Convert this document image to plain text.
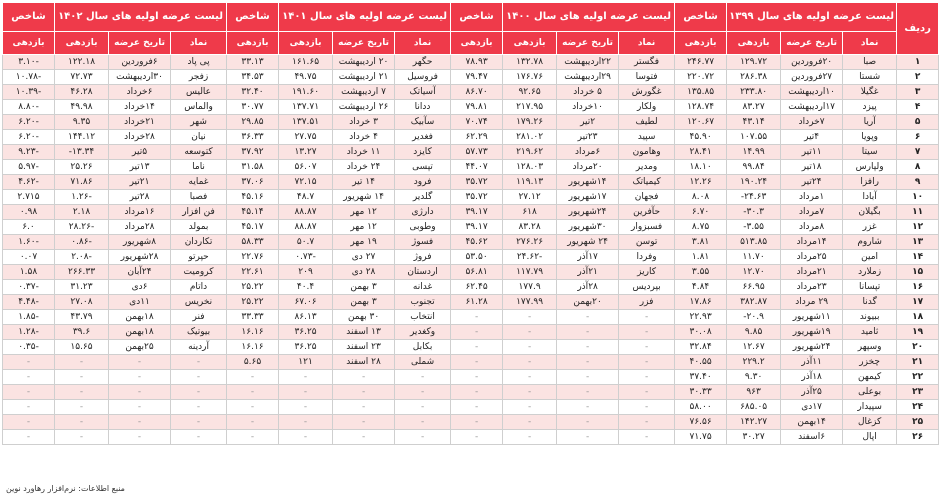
ردیف	لیست عرضه اولیه های سال ۱۳۹۹			شاخص	لیست عرضه اولیه های سال ۱۴۰۰			شاخص	لیست عرضه اولیه های سال ۱۴۰۱			شاخص	لیست عرضه اولیه های سال ۱۴۰۲			شاخص
	نماد	تاریخ عرضه	بازدهی	بازدهی	نماد	تاریخ عرضه	بازدهی	بازدهی	نماد	تاریخ عرضه	بازدهی	بازدهی	نماد	تاریخ عرضه	بازدهی	بازدهی
۱	صبا	۲۰فروردین	۱۲۹.۷۲	۲۴۶.۷۷	فگستر	۲۲اردیبهشت	۱۳۲.۷۸	۷۸.۹۳	حگهر	۲۰ اردیبهشت	۱۶۱.۶۵	۳۳.۱۳	پی پاد	۶فروردین	۱۲۲.۱۸	-۳.۱۰
۲	شستا	۲۷فروردین	۲۸۶.۳۸	۲۲۰.۷۲	فتوسا	۲۹اردیبهشت	۱۷۶.۷۶	۷۹.۴۷	فروسیل	۲۱ اردیبهشت	۴۹.۷۵	۳۴.۵۳	زفجر	۳۰اردیبهشت	۷۲.۷۳	-۱۰.۷۸
۳	غگیلا	۱۰اردیبهشت	۲۳۳.۸۰	۱۳۵.۸۵	غگورش	۵ خرداد	۹۲.۶۵	۸۶.۷۰	آسیاتک	۷ اردیبهشت	۱۹۱.۶۰	۳۲.۴۰	عالیس	۶خرداد	۴۶.۲۸	-۱۰.۳۹
۴	پیزد	۱۷اردیبهشت	۸۳.۲۷	۱۲۸.۷۴	ولکار	۱۰خرداد	۲۱۷.۹۵	۷۹.۸۱	ددانا	۲۶ اردیبهشت	۱۳۷.۷۱	۳۰.۷۷	والماس	۱۴خرداد	۴۹.۹۸	-۸.۸۰
۵	آریا	۷خرداد	۴۳.۱۴	۱۲۰.۶۷	لطیف	۲تیر	۱۷۹.۲۶	۷۰.۷۴	سآبیک	۳ خرداد	۱۳۷.۵۱	۲۹.۸۵	شهر	۲۱خرداد	۹.۳۵	-۶.۲۰
۶	وپویا	۴تیر	۱۰۷.۵۵	۴۵.۹۰	سپید	۲۳تیر	۲۸۱.۰۲	۶۲.۲۹	فغدیر	۴ خرداد	۲۷.۷۵	۳۶.۳۳	نیان	۲۸خرداد	۱۴۴.۱۲	-۶.۲۰
۷	سیتا	۱۱تیر	۱۴.۹۹	۲۸.۴۱	وهامون	۶مرداد	۲۱۹.۶۲	۵۷.۷۳	کایزد	۱۱ خرداد	۱۳.۲۷	۳۷.۹۲	کتوسعه	۵تیر	۱۳.۳۴-	-۹.۲۳
۸	ولپارس	۱۸تیر	۹۹.۸۴	۱۸.۱۰	ومدیر	۲۰مرداد	۱۲۸.۰۳	۴۴.۰۷	تپسی	۲۴ خرداد	۵۶.۰۷	۳۱.۵۸	ناما	۱۳تیر	۲۵.۲۶	-۵.۹۷
۹	رافزا	۲۴تیر	۱۹۰.۲۴	۱۲.۲۶	کیمیاتک	۱۴شهریور	۱۱۹.۱۳	۳۵.۷۲	فرود	۱۴ تیر	۷۲.۱۵	۳۷.۰۶	غمایه	۲۱تیر	۷۱.۸۶	-۴.۶۲
۱۰	آبادا	۱مرداد	۲۴.۶۳-	۸.۰۸	فجهان	۱۷شهریور	۲۷.۱۲	۳۵.۷۲	گلدیر	۱۴ شهریور	۴۸.۷	۴۵.۱۶	فصبا	۲۸تیر	-۱.۲۶	۲.۷۱۵
۱۱	بگیلان	۷مرداد	۳۰.۳-	۶.۷۰	حآفرین	۲۴شهریور	۶۱۸	۳۹.۱۷	دارژی	۱۲ مهر	۸۸.۸۷	۴۵.۱۴	فن افزار	۱۶مرداد	۲.۱۸	۰.۹۸
۱۲	غزر	۸مرداد	۳.۵۵-	۸.۷۵	فسبزوار	۳۰شهریور	۸۳.۲۸	۳۹.۱۷	وطوبی	۱۲ مهر	۸۸.۸۷	۴۵.۱۷	بمولد	۲۸مرداد	-۲۸.۲۶	۶.۰
۱۳	شاروم	۱۴مرداد	۵۱۳.۸۵	۳.۸۱	توسن	۲۴ شهریور	۲۷۶.۲۶	۴۵.۶۲	فسوژ	۱۹ مهر	۵۰.۷	۵۸.۳۳	تکاردان	۸شهریور	-۰.۸۶	-۱.۶۰
۱۴	امین	۲۵مرداد	۱۱.۷۰	۱.۸۱	وفردا	۱۷آذر	-۲۴.۶۲	۵۳.۵۰	فروژ	۲۷ دی	-۰.۷۳	۲۲.۷۶	حپرتو	۲۸شهریور	-۲.۰۸	۰.۰۷
۱۵	زملارد	۲۱مرداد	۱۲.۷۰	۳.۵۵	کاریز	۲۱آذر	۱۱۷.۷۹	۵۶.۸۱	اردستان	۲۸ دی	۲۰۹	۲۲.۶۱	کرومیت	۲۴آبان	۲۶۶.۳۳	۱.۵۸
۱۶	تپسانا	۲۳مرداد	۶۶.۹۵	۴.۸۴	بپردیس	۲۸آذر	۱۷۷.۹	۶۲.۴۵	غدانه	۳ بهمن	۴۰.۴	۲۵.۲۲	داتام	۶دی	۳۱.۲۳	-۰.۳۷
۱۷	گدنا	۲۹ مرداد	۳۸۲.۸۷	۱۷.۸۶	فزر	۲۰بهمن	۱۷۷.۹۹	۶۱.۲۸	تجنوب	۳ بهمن	۶۷.۰۶	۲۵.۲۲	نخریس	۱۱دی	۲۷.۰۸	-۴.۴۸
۱۸	ببیوند	۱۱شهریور	۲۰.۹-	۲۲.۹۳	-	-	-	-	انتخاب	۳۰ بهمن	۸۶.۱۳	۳۳.۳۳	فنر	۱۸بهمن	۴۳.۷۹	-۱.۸۵
۱۹	ثامید	۱۹شهریور	۹.۸۵	۳۰.۰۸	-	-	-	-	وکغدیر	۱۳ اسفند	۳۶.۲۵	۱۶.۱۶	بیوتیک	۱۸بهمن	۳۹.۶	-۱.۲۸
۲۰	وسپهر	۲۴شهریور	۱۲.۶۷	۳۲.۸۴	-	-	-	-	بکابل	۲۳ اسفند	۳۶.۲۵	۱۶.۱۶	آردینه	۲۵بهمن	۱۵.۶۵	-۰.۳۵
۲۱	چخزر	۱۱آذر	۲۲۹.۲	۴۰.۵۵	-	-	-	-	شملی	۲۸ اسفند	۱۲۱	۵.۶۵	-	-	-	-
۲۲	کیمهن	۱۸آذر	۹.۳۰	۳۷.۴۰	-	-	-	-	-	-	-	-	-	-	-	-
۲۳	بوعلی	۲۵آذر	۹۶۳	۳۰.۳۳	-	-	-	-	-	-	-	-	-	-	-	-
۲۴	سپیدار	۱۷دی	۶۸۵.۰۵	۵۸.۰۰	-	-	-	-	-	-	-	-	-	-	-	-
۲۵	کزغال	۱۴بهمن	۱۴۲.۲۷	۷۶.۵۶	-	-	-	-	-	-	-	-	-	-	-	-
۲۶	اپال	۶اسفند	۳۰.۲۷	۷۱.۷۵	-	-	-	-	-	-	-	-	-	-	-	-
منبع اطلاعات: نرم‌افزار رهاورد نوین
